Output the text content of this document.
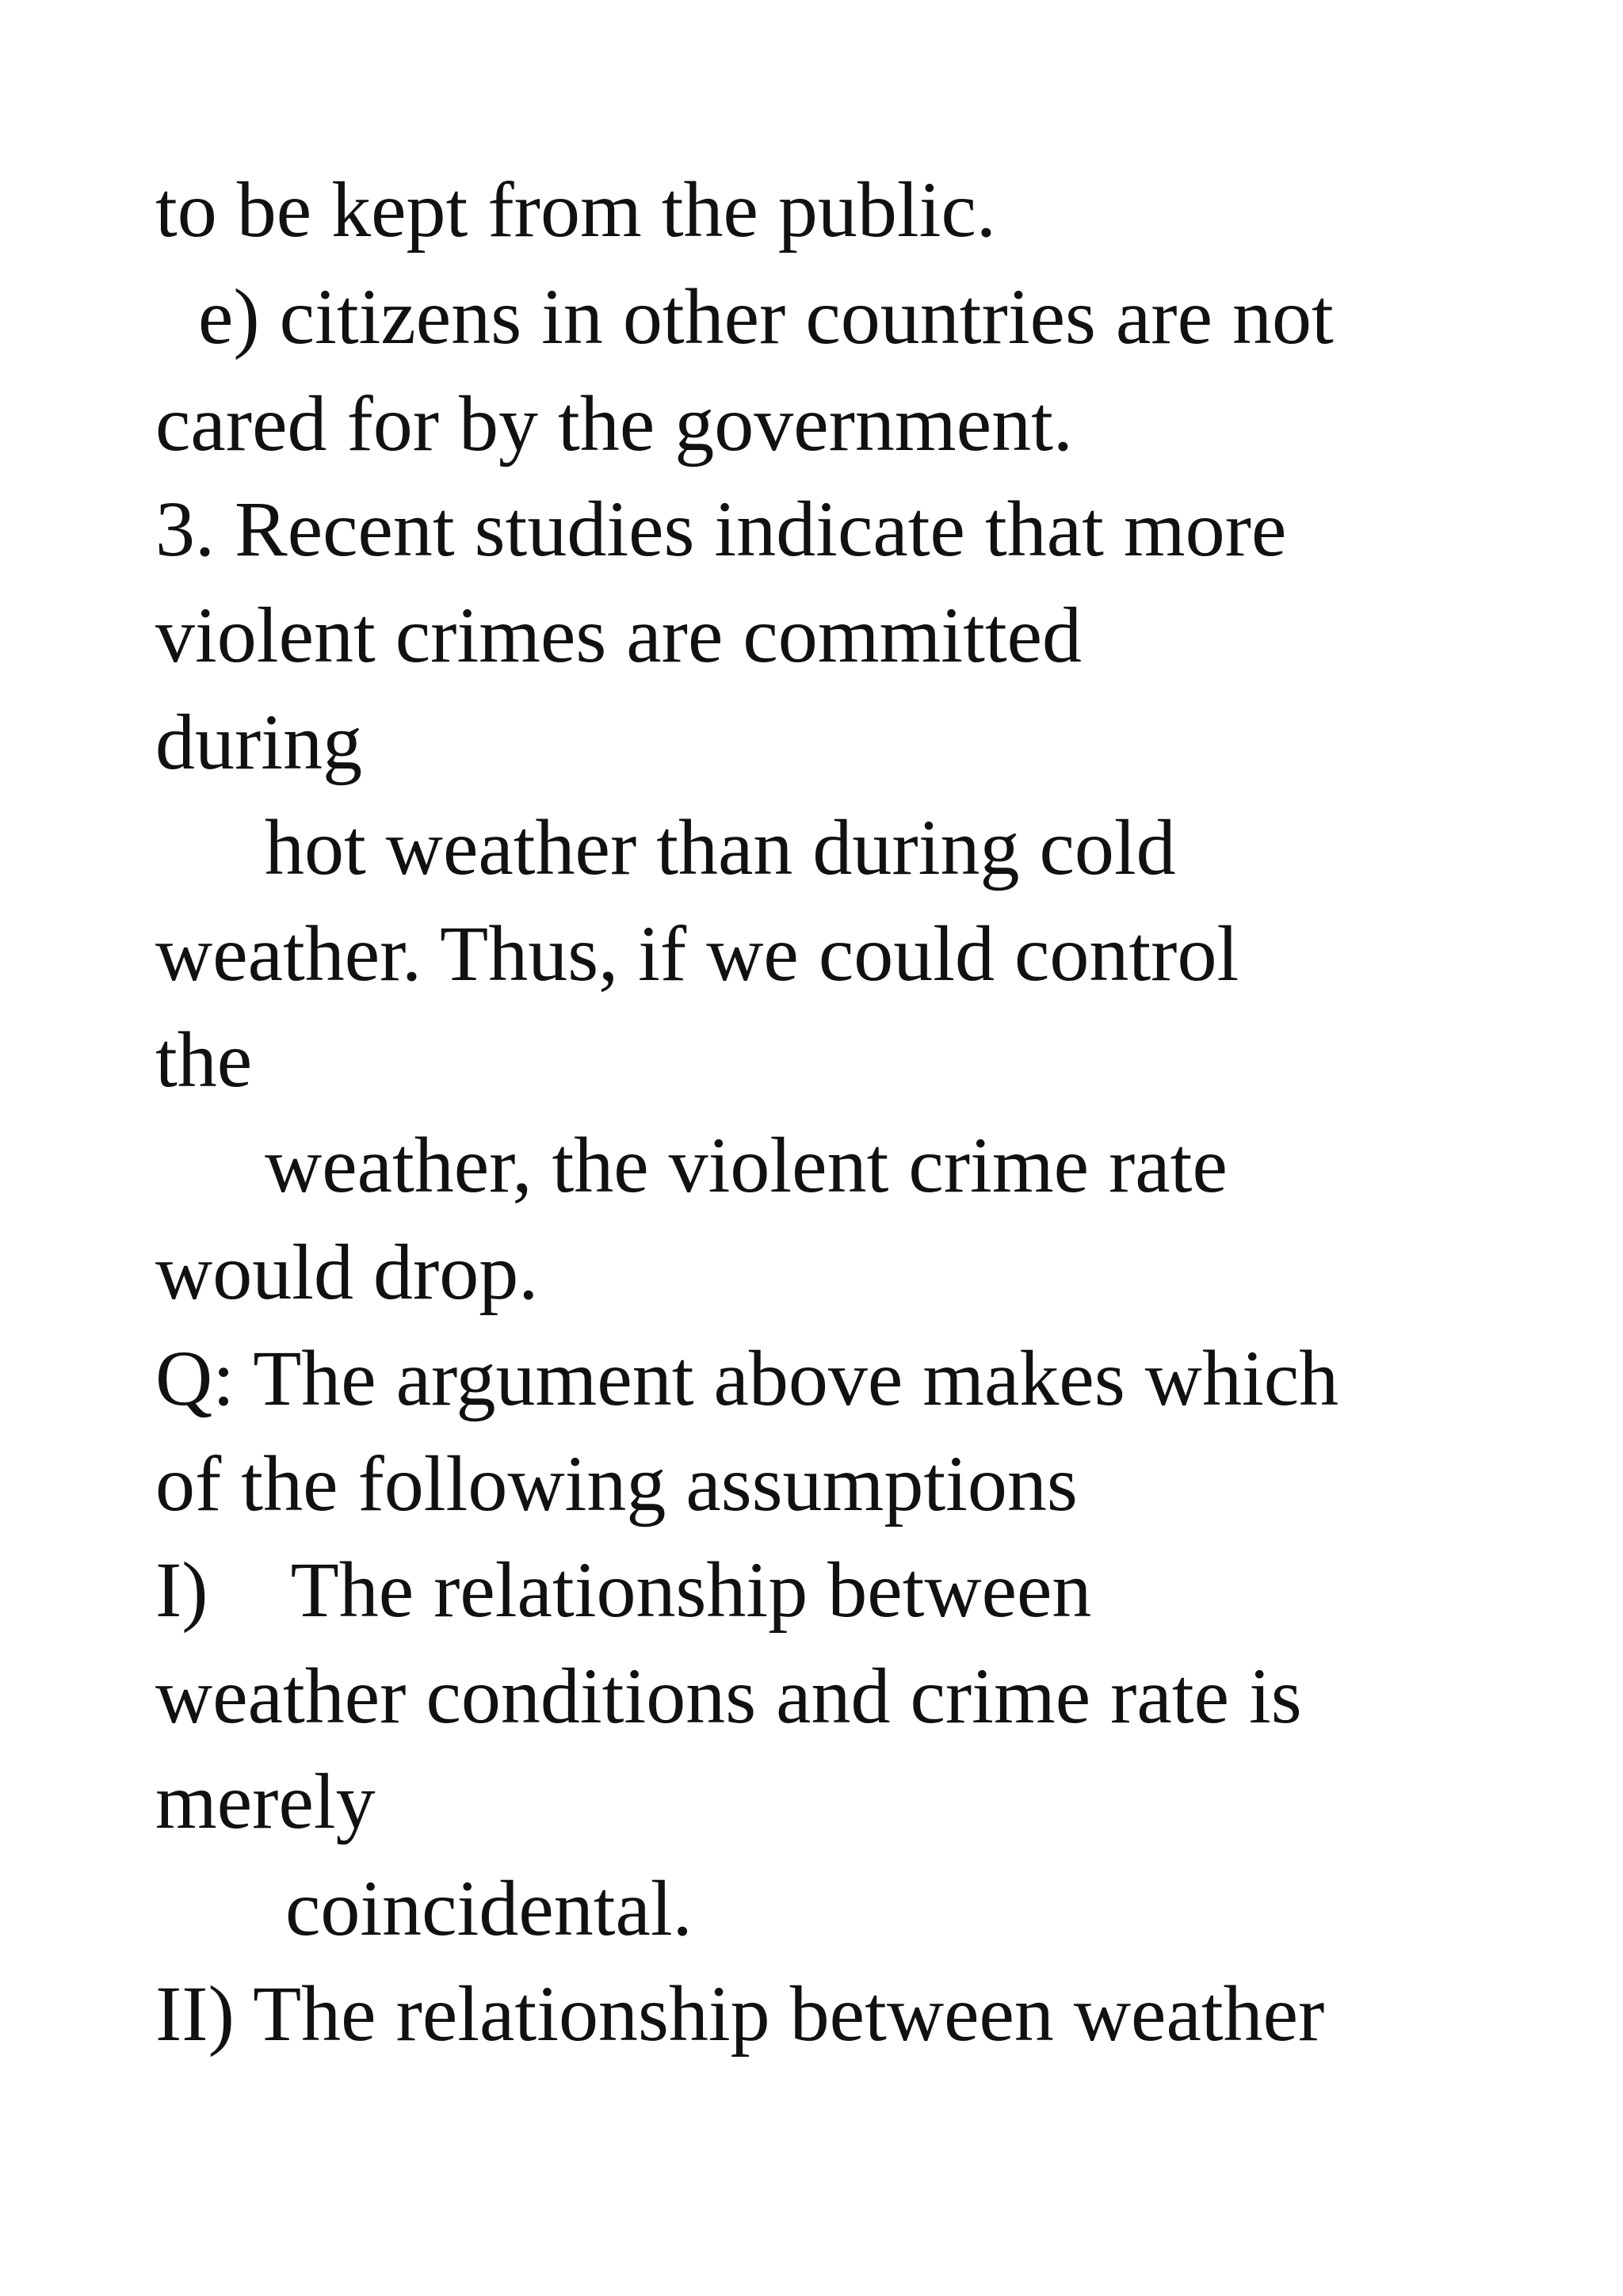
to be kept from the public.

e) citizens in other countries are not

cared for by the government.

3. Recent studies indicate that more

violent crimes are committed

during

hot weather than during cold

weather. Thus, if we could control

the

weather, the violent crime rate

would drop.

Q: The argument above makes which

of the following assumptions

I) The relationship between

weather conditions and crime rate is

merely

coincidental.

II) The relationship between weather
